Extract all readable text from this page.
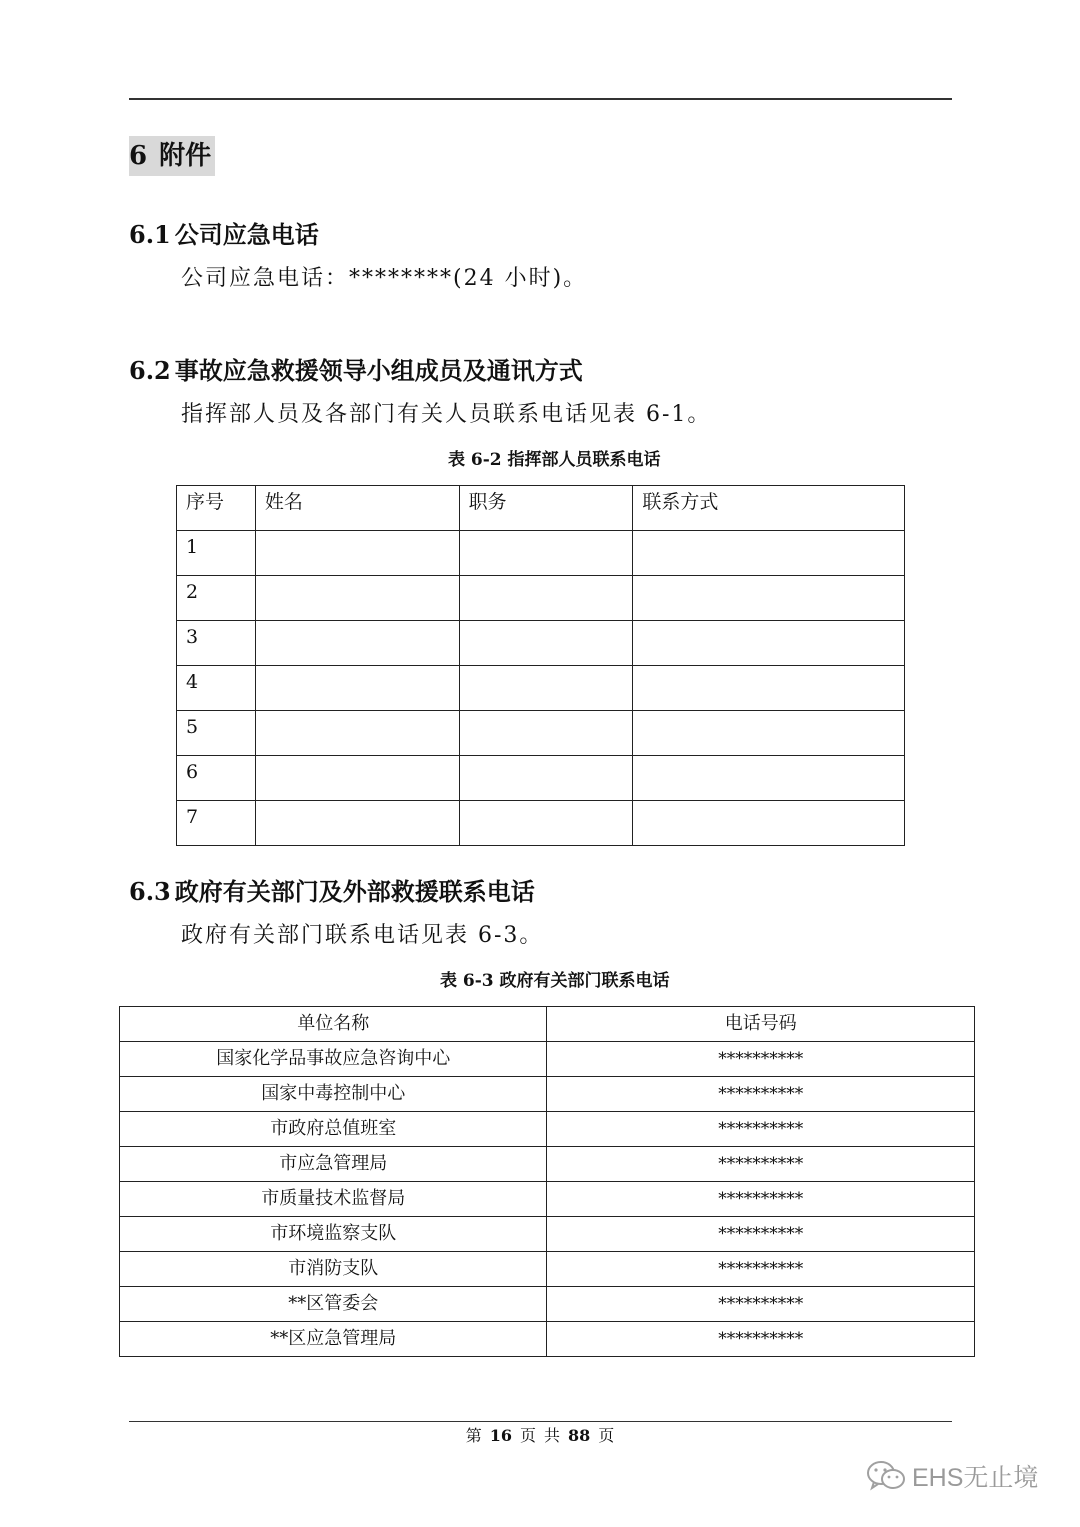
6 附件
6.1 公司应急电话
公司应急电话：********(24 小时)。
6.2 事故应急救援领导小组成员及通讯方式
指挥部人员及各部门有关人员联系电话见表 6-1。
表 6-2 指挥部人员联系电话
序号	姓名	职务	联系方式
1			
2			
3			
4			
5			
6			
7			
6.3 政府有关部门及外部救援联系电话
政府有关部门联系电话见表 6-3。
表 6-3 政府有关部门联系电话
单位名称	电话号码
国家化学品事故应急咨询中心	**********
国家中毒控制中心	**********
市政府总值班室	**********
市应急管理局	**********
市质量技术监督局	**********
市环境监察支队	**********
市消防支队	**********
**区管委会	**********
**区应急管理局	**********
第 16 页 共 88 页
EHS无止境
